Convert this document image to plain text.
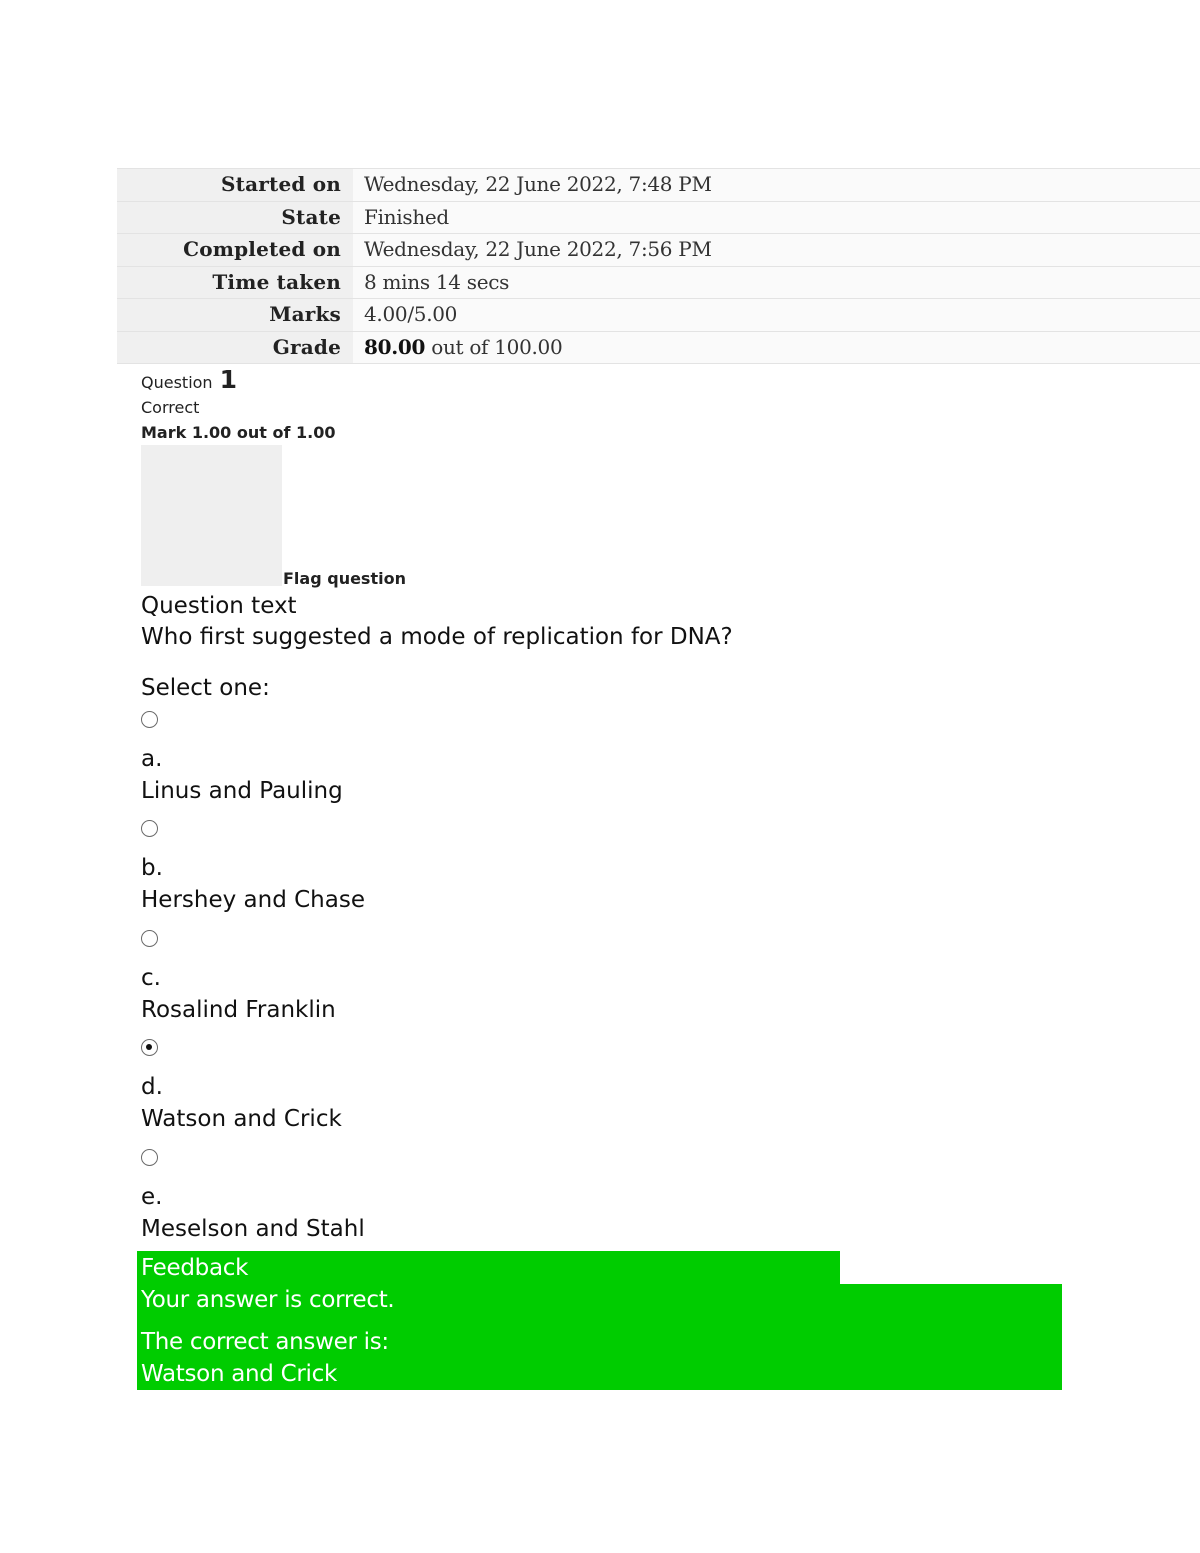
Started on	Wednesday, 22 June 2022, 7:48 PM
State	Finished
Completed on	Wednesday, 22 June 2022, 7:56 PM
Time taken	8 mins 14 secs
Marks	4.00/5.00
Grade	80.00 out of 100.00
Question 1
Correct
Mark 1.00 out of 1.00
Flag question
Question text
Who first suggested a mode of replication for DNA?
Select one:
a.
Linus and Pauling
b.
Hershey and Chase
c.
Rosalind Franklin
d.
Watson and Crick
e.
Meselson and Stahl
Feedback
Your answer is correct.
The correct answer is:
Watson and Crick
